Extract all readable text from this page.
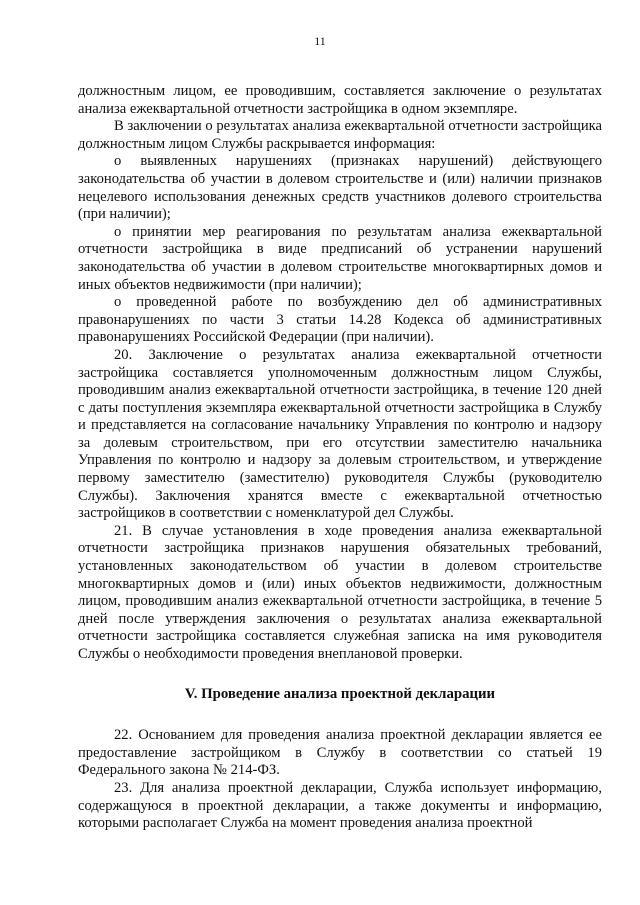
11

должностным лицом, ее проводившим, составляется заключение о результатах анализа ежеквартальной отчетности застройщика в одном экземпляре.

В заключении о результатах анализа ежеквартальной отчетности застройщика должностным лицом Службы раскрывается информация:

о выявленных нарушениях (признаках нарушений) действующего законодательства об участии в долевом строительстве и (или) наличии признаков нецелевого использования денежных средств участников долевого строительства (при наличии);

о принятии мер реагирования по результатам анализа ежеквартальной отчетности застройщика в виде предписаний об устранении нарушений законодательства об участии в долевом строительстве многоквартирных домов и иных объектов недвижимости (при наличии);

о проведенной работе по возбуждению дел об административных правонарушениях по части 3 статьи 14.28 Кодекса об административных правонарушениях Российской Федерации (при наличии).

20. Заключение о результатах анализа ежеквартальной отчетности застройщика составляется уполномоченным должностным лицом Службы, проводившим анализ ежеквартальной отчетности застройщика, в течение 120 дней с даты поступления экземпляра ежеквартальной отчетности застройщика в Службу и представляется на согласование начальнику Управления по контролю и надзору за долевым строительством, при его отсутствии заместителю начальника Управления по контролю и надзору за долевым строительством, и утверждение первому заместителю (заместителю) руководителя Службы (руководителю Службы). Заключения хранятся вместе с ежеквартальной отчетностью застройщиков в соответствии с номенклатурой дел Службы.

21. В случае установления в ходе проведения анализа ежеквартальной отчетности застройщика признаков нарушения обязательных требований, установленных законодательством об участии в долевом строительстве многоквартирных домов и (или) иных объектов недвижимости, должностным лицом, проводившим анализ ежеквартальной отчетности застройщика, в течение 5 дней после утверждения заключения о результатах анализа ежеквартальной отчетности застройщика составляется служебная записка на имя руководителя Службы о необходимости проведения внеплановой проверки.

V. Проведение анализа проектной декларации

22. Основанием для проведения анализа проектной декларации является ее предоставление застройщиком в Службу в соответствии со статьей 19 Федерального закона № 214-ФЗ.

23. Для анализа проектной декларации, Служба использует информацию, содержащуюся в проектной декларации, а также документы и информацию, которыми располагает Служба на момент проведения анализа проектной
